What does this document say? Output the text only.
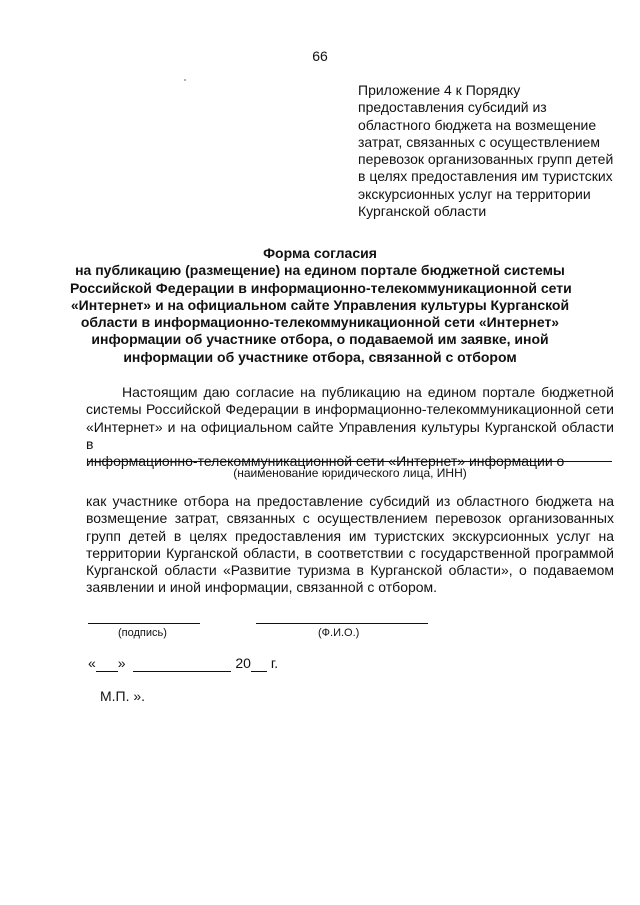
66
Приложение 4 к Порядку
предоставления субсидий из
областного бюджета на возмещение
затрат, связанных с осуществлением
перевозок организованных групп детей
в целях предоставления им туристских
экскурсионных услуг на территории
Курганской области
Форма согласия
на публикацию (размещение) на едином портале бюджетной системы
Российской Федерации в информационно-телекоммуникационной сети
«Интернет» и на официальном сайте Управления культуры Курганской
области в информационно-телекоммуникационной сети «Интернет»
информации об участнике отбора, о подаваемой им заявке, иной
информации об участнике отбора, связанной с отбором
Настоящим даю согласие на публикацию на едином портале бюджетной
системы Российской Федерации в информационно-телекоммуникационной сети
«Интернет» и на официальном сайте Управления культуры Курганской области в
информационно-телекоммуникационной сети «Интернет» информации о
(наименование юридического лица, ИНН)
как участнике отбора на предоставление субсидий из областного бюджета на
возмещение затрат, связанных с осуществлением перевозок организованных
групп детей в целях предоставления им туристских экскурсионных услуг на
территории Курганской области, в соответствии с государственной программой
Курганской области «Развитие туризма в Курганской области», о подаваемом
заявлении и иной информации, связанной с отбором.
(подпись)	(Ф.И.О.)
« »	20  г.
М.П. ».
